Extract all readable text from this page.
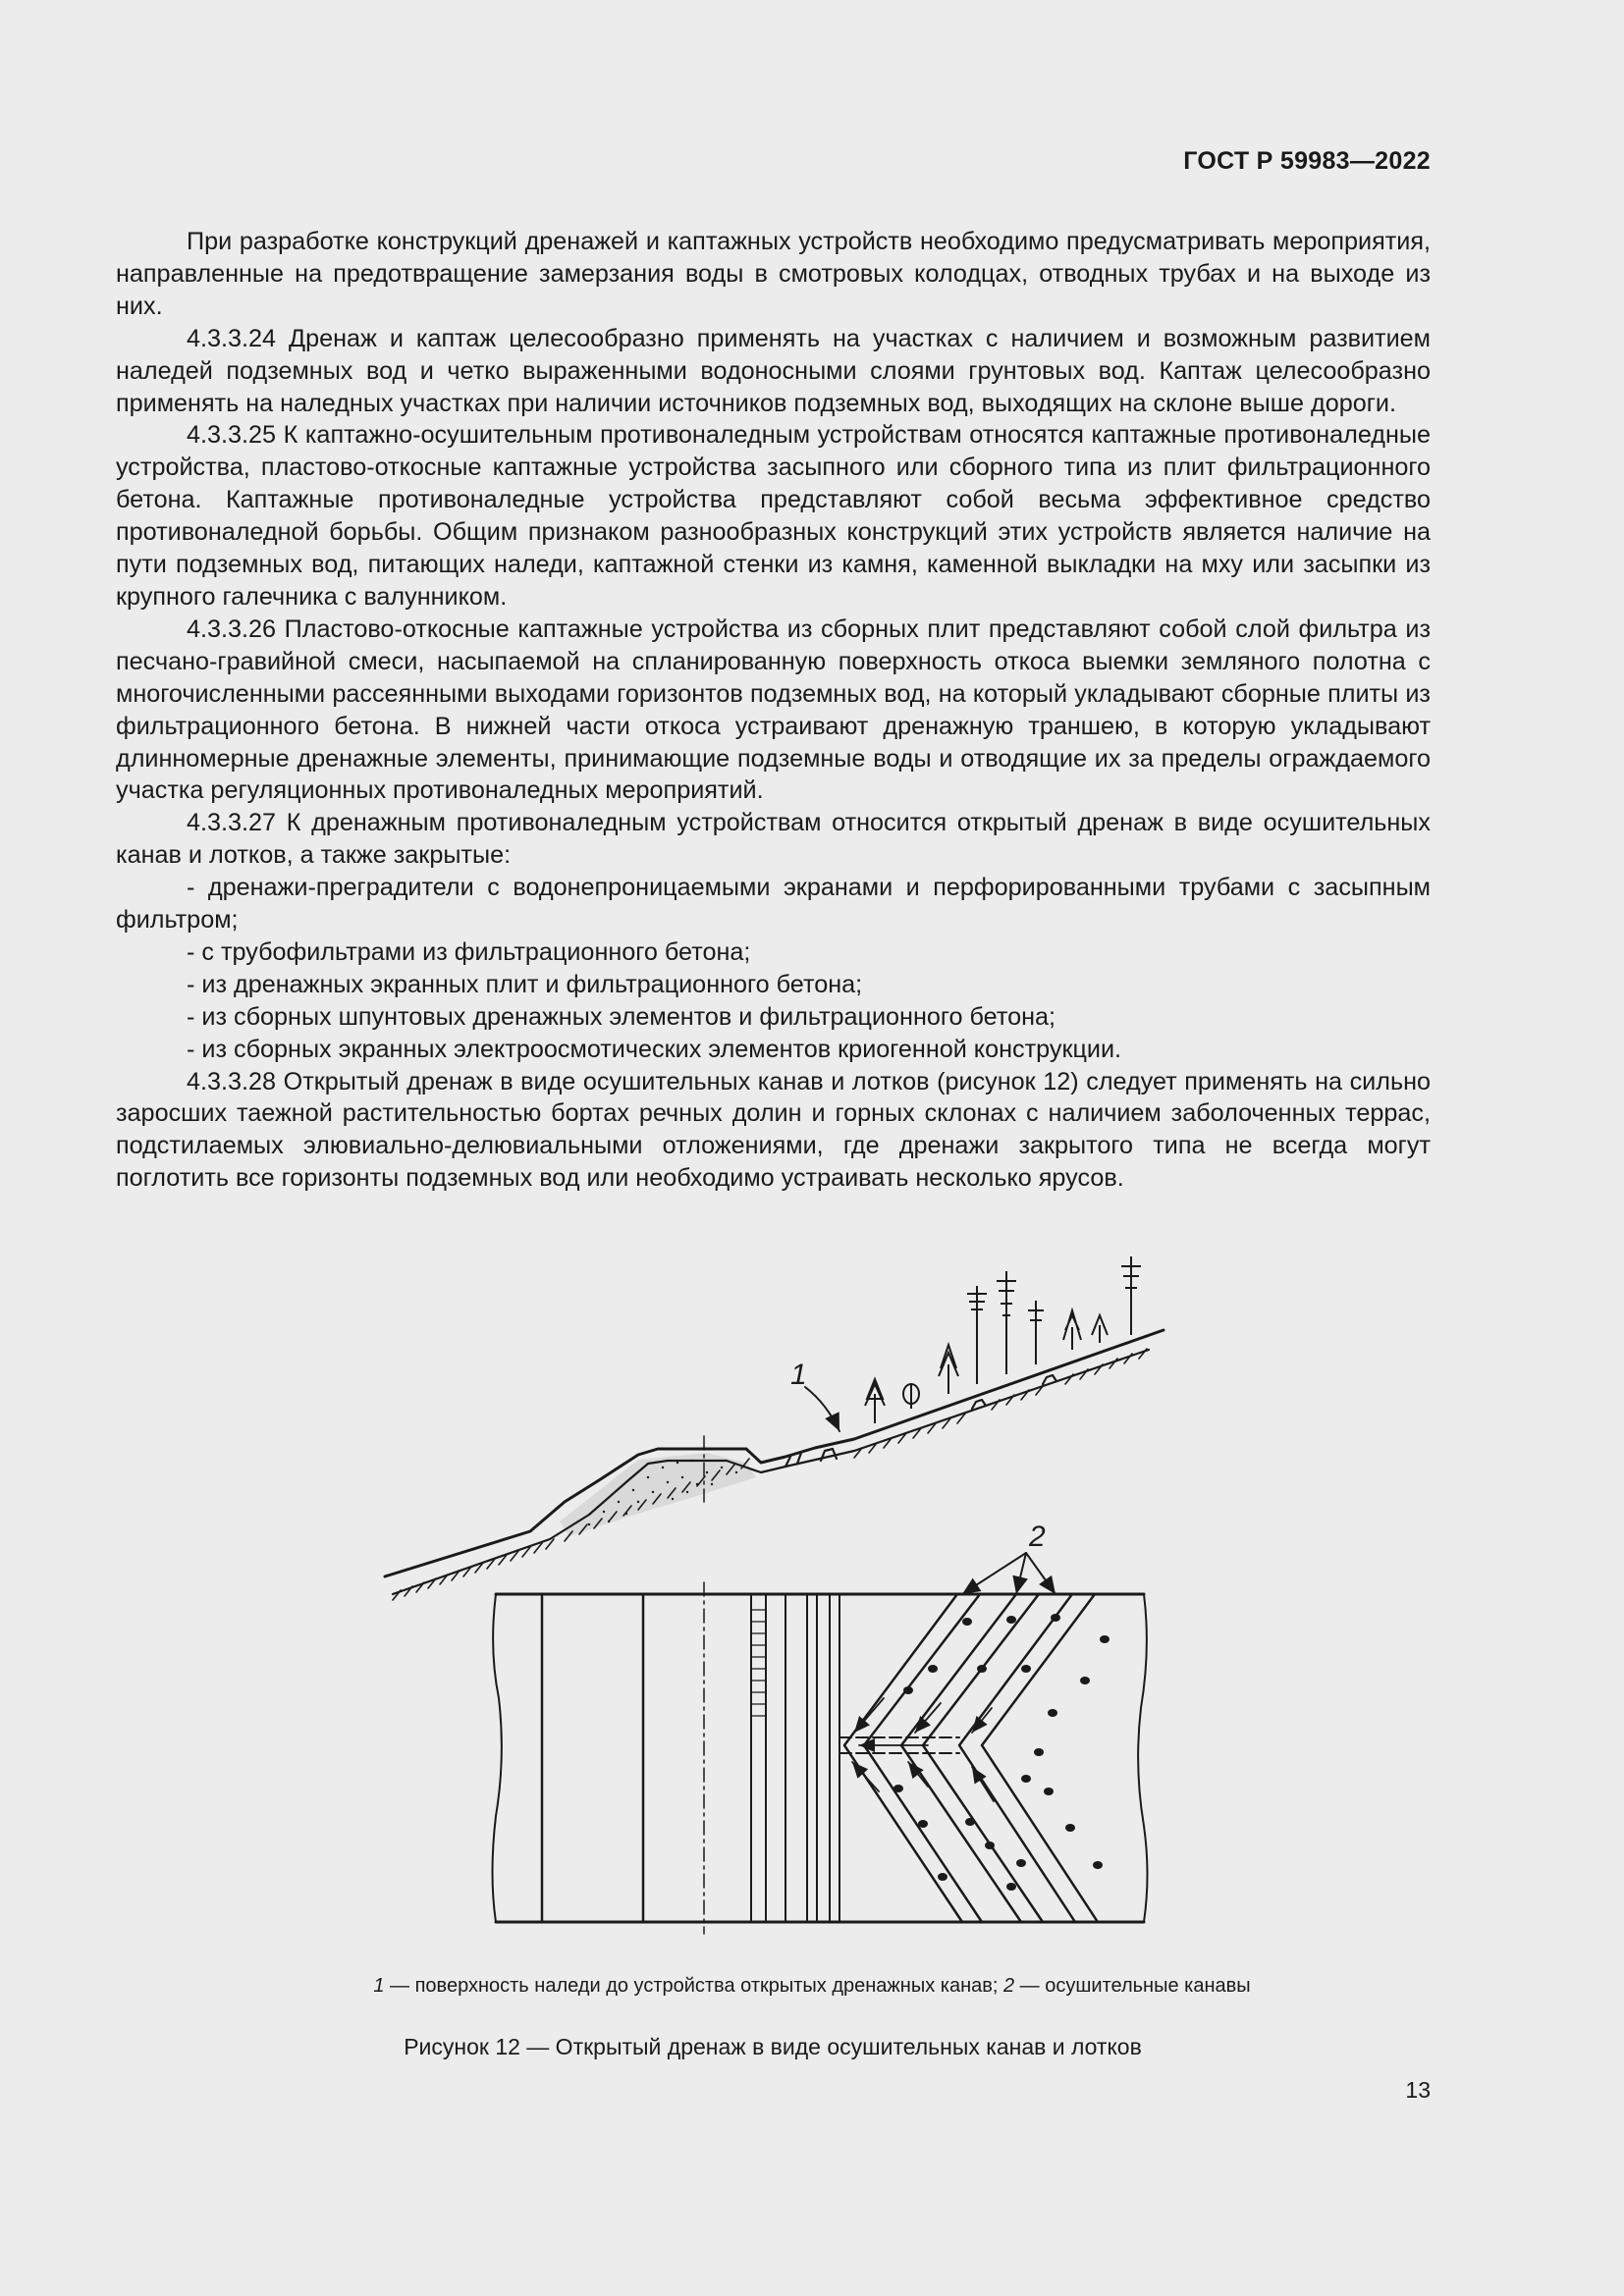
ГОСТ Р 59983—2022

При разработке конструкций дренажей и каптажных устройств необходимо предусматривать мероприятия, направленные на предотвращение замерзания воды в смотровых колодцах, отводных трубах и на выходе из них.

4.3.3.24 Дренаж и каптаж целесообразно применять на участках с наличием и возможным развитием наледей подземных вод и четко выраженными водоносными слоями грунтовых вод. Каптаж целесообразно применять на наледных участках при наличии источников подземных вод, выходящих на склоне выше дороги.

4.3.3.25 К каптажно-осушительным противоналедным устройствам относятся каптажные противоналедные устройства, пластово-откосные каптажные устройства засыпного или сборного типа из плит фильтрационного бетона. Каптажные противоналедные устройства представляют собой весьма эффективное средство противоналедной борьбы. Общим признаком разнообразных конструкций этих устройств является наличие на пути подземных вод, питающих наледи, каптажной стенки из камня, каменной выкладки на мху или засыпки из крупного галечника с валунником.

4.3.3.26 Пластово-откосные каптажные устройства из сборных плит представляют собой слой фильтра из песчано-гравийной смеси, насыпаемой на спланированную поверхность откоса выемки земляного полотна с многочисленными рассеянными выходами горизонтов подземных вод, на который укладывают сборные плиты из фильтрационного бетона. В нижней части откоса устраивают дренажную траншею, в которую укладывают длинномерные дренажные элементы, принимающие подземные воды и отводящие их за пределы ограждаемого участка регуляционных противоналедных мероприятий.

4.3.3.27 К дренажным противоналедным устройствам относится открытый дренаж в виде осушительных канав и лотков, а также закрытые:

- дренажи-преградители с водонепроницаемыми экранами и перфорированными трубами с засыпным фильтром;

- с трубофильтрами из фильтрационного бетона;

- из дренажных экранных плит и фильтрационного бетона;

- из сборных шпунтовых дренажных элементов и фильтрационного бетона;

- из сборных экранных электроосмотических элементов криогенной конструкции.

4.3.3.28 Открытый дренаж в виде осушительных канав и лотков (рисунок 12) следует применять на сильно заросших таежной растительностью бортах речных долин и горных склонах с наличием заболоченных террас, подстилаемых элювиально-делювиальными отложениями, где дренажи закрытого типа не всегда могут поглотить все горизонты подземных вод или необходимо устраивать несколько ярусов.

1
2
1 — поверхность наледи до устройства открытых дренажных канав; 2 — осушительные канавы
Рисунок 12 — Открытый дренаж в виде осушительных канав и лотков
13
